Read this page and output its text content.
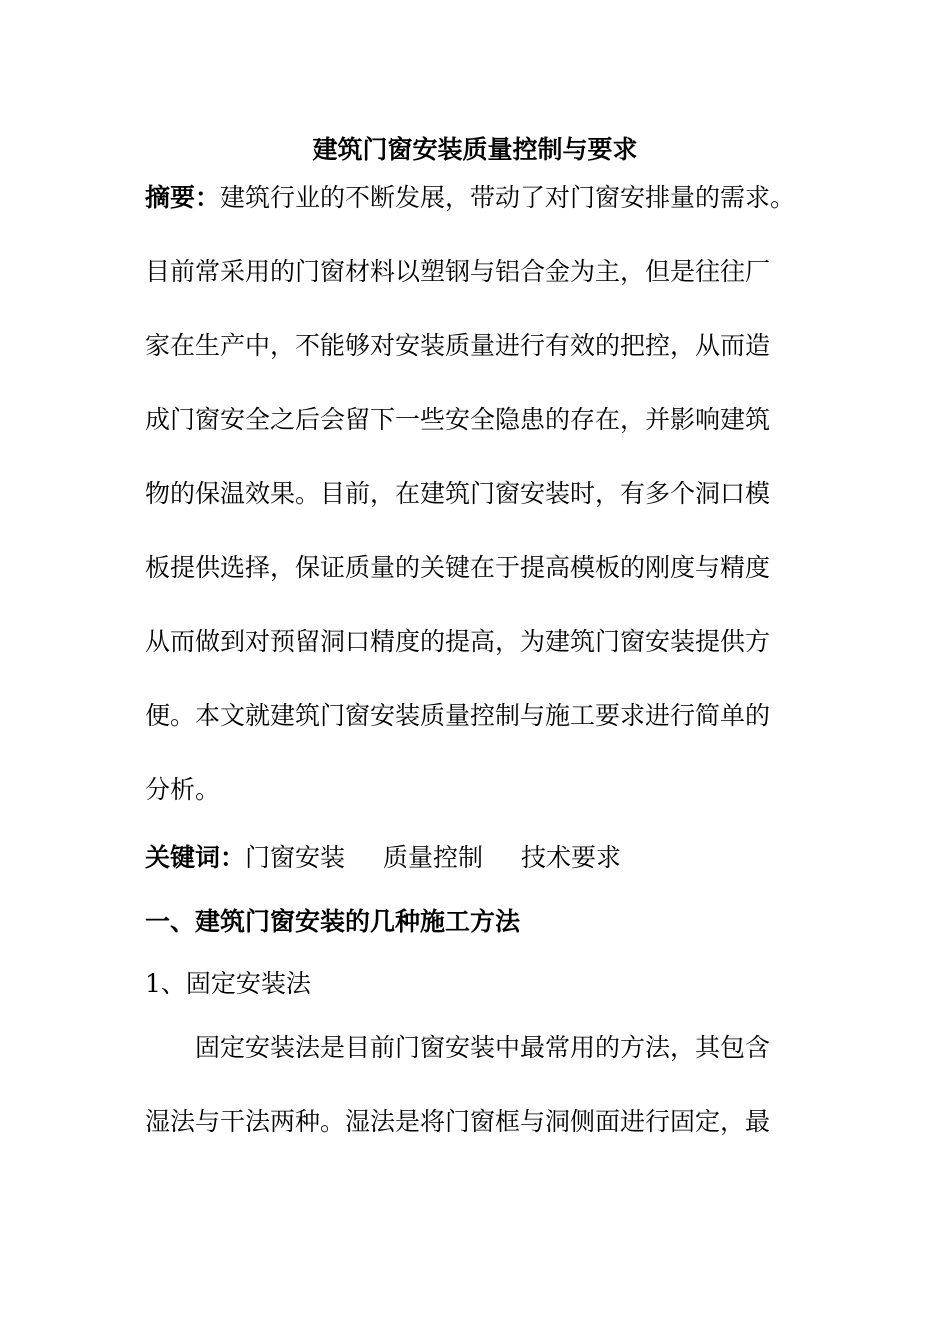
建筑门窗安装质量控制与要求
摘要：建筑行业的不断发展，带动了对门窗安排量的需求。
目前常采用的门窗材料以塑钢与铝合金为主，但是往往厂
家在生产中，不能够对安装质量进行有效的把控，从而造
成门窗安全之后会留下一些安全隐患的存在，并影响建筑
物的保温效果。目前，在建筑门窗安装时，有多个洞口模
板提供选择，保证质量的关键在于提高模板的刚度与精度
从而做到对预留洞口精度的提高，为建筑门窗安装提供方
便。本文就建筑门窗安装质量控制与施工要求进行简单的
分析。
关键词：门窗安装 质量控制 技术要求
一、建筑门窗安装的几种施工方法
1、固定安装法
固定安装法是目前门窗安装中最常用的方法，其包含
湿法与干法两种。湿法是将门窗框与洞侧面进行固定，最
